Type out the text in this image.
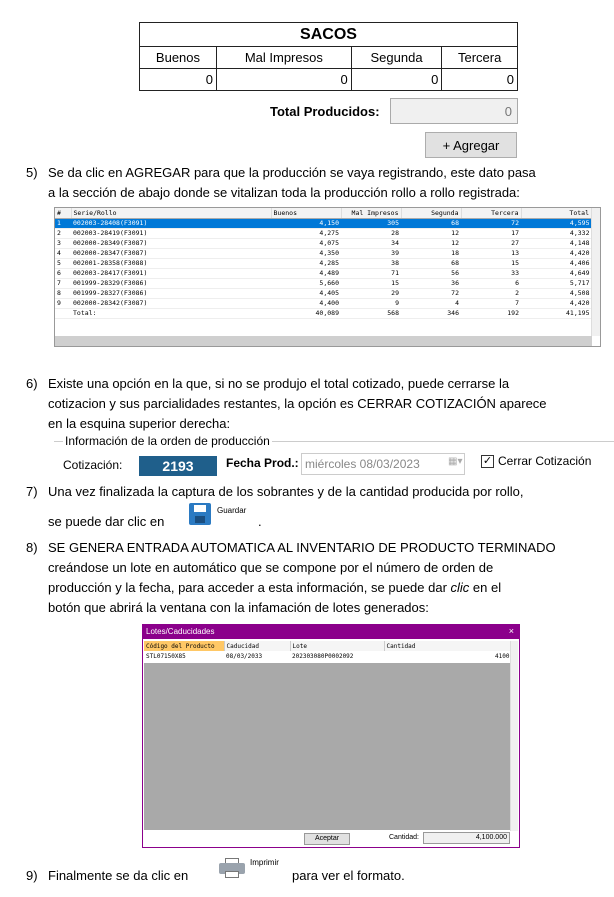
SACOS			
Buenos	Mal Impresos	Segunda	Tercera
0	0	0	0
Total Producidos:	0
+ Agregar
5) Se da clic en AGREGAR para que la producción se vaya registrando, este dato pasa
a la sección de abajo donde se vitalizan toda la producción rollo a rollo registrada:
#	Serie/Rollo	Buenos	Mal Impresos	Segunda	Tercera	Total
1	002003-28408(F3091)	4,150	305	68	72	4,595
2	002003-28419(F3091)	4,275	28	12	17	4,332
3	002000-28349(F3087)	4,075	34	12	27	4,148
4	002000-28347(F3087)	4,350	39	18	13	4,420
5	002001-28358(F3088)	4,285	38	68	15	4,406
6	002003-28417(F3091)	4,489	71	56	33	4,649
7	001999-28329(F3086)	5,660	15	36	6	5,717
8	001999-28327(F3086)	4,405	29	72	2	4,508
9	002000-28342(F3087)	4,400	9	4	7	4,420
	Total:	40,089	568	346	192	41,195
6) Existe una opción en la que, si no se produjo el total cotizado, puede cerrarse la
cotizacion y sus parcialidades restantes, la opción es CERRAR COTIZACIÓN aparece
en la esquina superior derecha:
Información de la orden de producción
Cotización:	2193	Fecha Prod.: miércoles 08/03/2023	▦▾ ✓ Cerrar Cotización
7) Una vez finalizada la captura de los sobrantes y de la cantidad producida por rollo,
se puede dar clic en
Guardar
.
8) SE GENERA ENTRADA AUTOMATICA AL INVENTARIO DE PRODUCTO TERMINADO
creándose un lote en automático que se compone por el número de orden de
producción y la fecha, para acceder a esta información, se puede dar clic en el
botón que abrirá la ventana con la infamación de lotes generados:
Lotes/Caducidades	×
Código del Producto	Caducidad	Lote	Cantidad
STL07150X85	08/03/2033	202303080P0002092	4100
Aceptar	Cantidad:	4,100.000
9) Finalmente se da clic en
Imprimir
para ver el formato.
